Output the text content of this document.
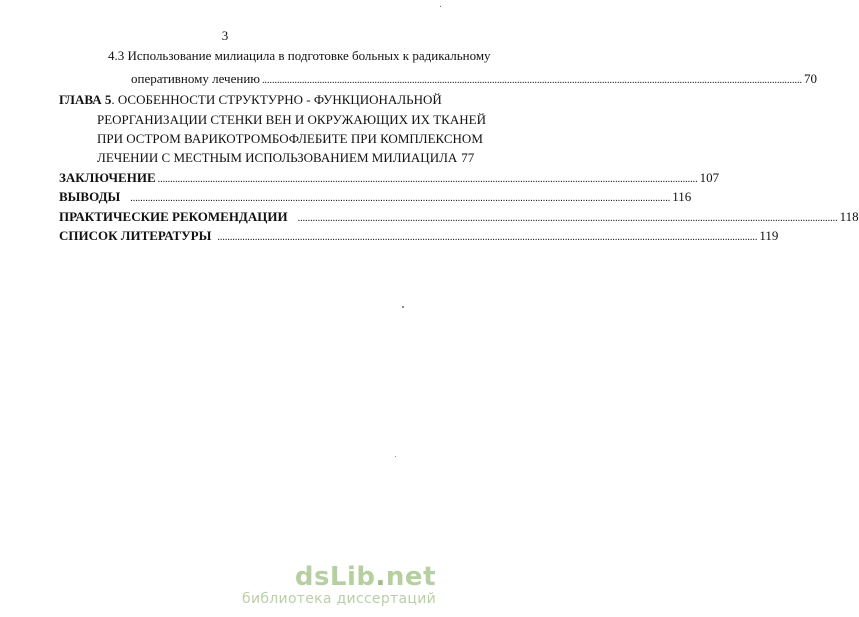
·
3
4.3 Использование милиацила в подготовке больных к радикальному
оперативному лечению .....	70
ГЛАВА 5. ОСОБЕННОСТИ СТРУКТУРНО - ФУНКЦИОНАЛЬНОЙ
РЕОРГАНИЗАЦИИ СТЕНКИ ВЕН И ОКРУЖАЮЩИХ ИХ ТКАНЕЙ
ПРИ ОСТРОМ ВАРИКОТРОМБОФЛЕБИТЕ ПРИ КОМПЛЕКСНОМ
ЛЕЧЕНИИ С МЕСТНЫМ ИСПОЛЬЗОВАНИЕМ МИЛИАЦИЛА 77
ЗАКЛЮЧЕНИЕ .....	107
ВЫВОДЫ .....	116
ПРАКТИЧЕСКИЕ РЕКОМЕНДАЦИИ .....	118
СПИСОК ЛИТЕРАТУРЫ .....	119
dsLib.net
библиотека диссертаций
